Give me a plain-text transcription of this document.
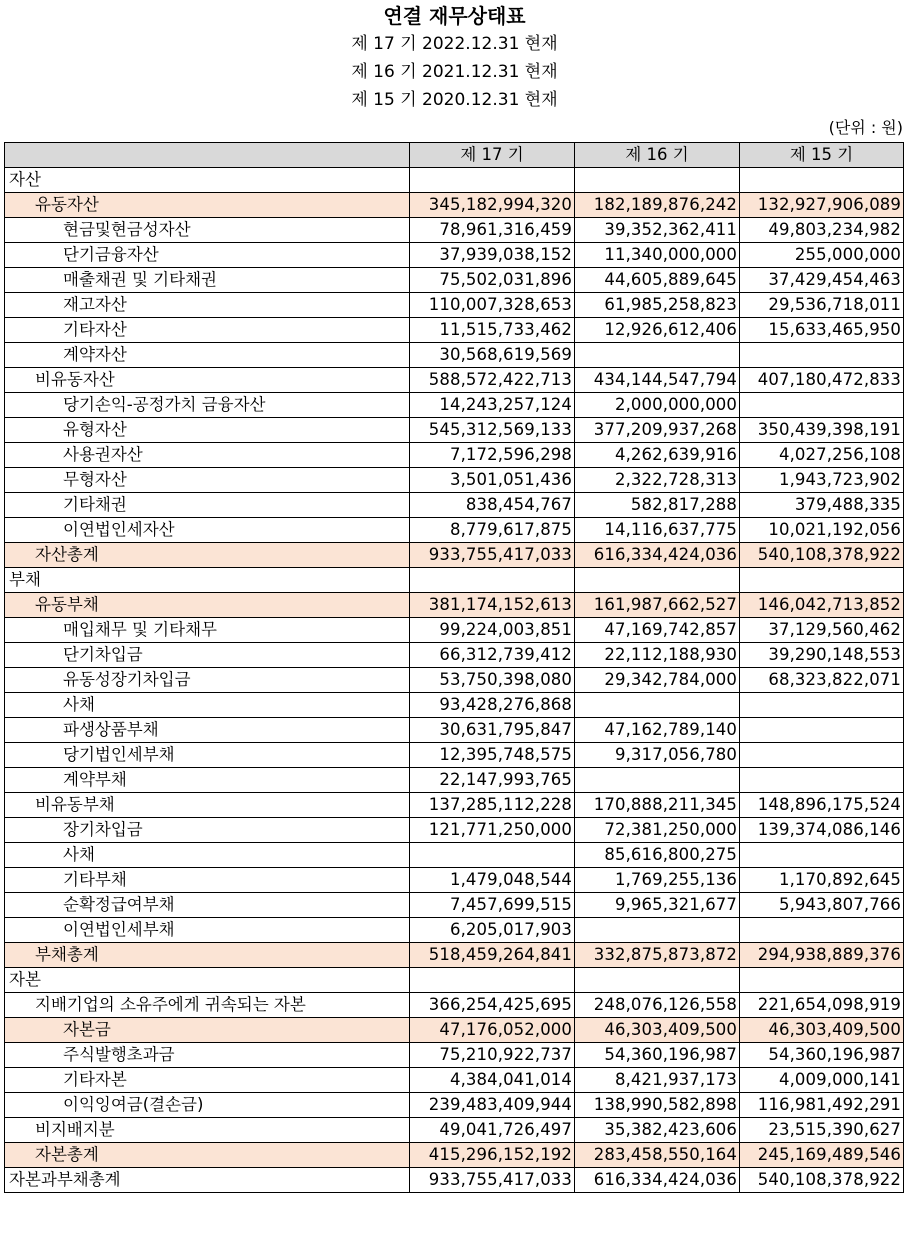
연결 재무상태표
제 17 기 2022.12.31 현재
제 16 기 2021.12.31 현재
제 15 기 2020.12.31 현재
(단위 : 원)
	제 17 기	제 16 기	제 15 기
자산			
유동자산	345,182,994,320	182,189,876,242	132,927,906,089
현금및현금성자산	78,961,316,459	39,352,362,411	49,803,234,982
단기금융자산	37,939,038,152	11,340,000,000	255,000,000
매출채권 및 기타채권	75,502,031,896	44,605,889,645	37,429,454,463
재고자산	110,007,328,653	61,985,258,823	29,536,718,011
기타자산	11,515,733,462	12,926,612,406	15,633,465,950
계약자산	30,568,619,569		
비유동자산	588,572,422,713	434,144,547,794	407,180,472,833
당기손익-공정가치 금융자산	14,243,257,124	2,000,000,000	
유형자산	545,312,569,133	377,209,937,268	350,439,398,191
사용권자산	7,172,596,298	4,262,639,916	4,027,256,108
무형자산	3,501,051,436	2,322,728,313	1,943,723,902
기타채권	838,454,767	582,817,288	379,488,335
이연법인세자산	8,779,617,875	14,116,637,775	10,021,192,056
자산총계	933,755,417,033	616,334,424,036	540,108,378,922
부채			
유동부채	381,174,152,613	161,987,662,527	146,042,713,852
매입채무 및 기타채무	99,224,003,851	47,169,742,857	37,129,560,462
단기차입금	66,312,739,412	22,112,188,930	39,290,148,553
유동성장기차입금	53,750,398,080	29,342,784,000	68,323,822,071
사채	93,428,276,868		
파생상품부채	30,631,795,847	47,162,789,140	
당기법인세부채	12,395,748,575	9,317,056,780	
계약부채	22,147,993,765		
비유동부채	137,285,112,228	170,888,211,345	148,896,175,524
장기차입금	121,771,250,000	72,381,250,000	139,374,086,146
사채		85,616,800,275	
기타부채	1,479,048,544	1,769,255,136	1,170,892,645
순확정급여부채	7,457,699,515	9,965,321,677	5,943,807,766
이연법인세부채	6,205,017,903		
부채총계	518,459,264,841	332,875,873,872	294,938,889,376
자본			
지배기업의 소유주에게 귀속되는 자본	366,254,425,695	248,076,126,558	221,654,098,919
자본금	47,176,052,000	46,303,409,500	46,303,409,500
주식발행초과금	75,210,922,737	54,360,196,987	54,360,196,987
기타자본	4,384,041,014	8,421,937,173	4,009,000,141
이익잉여금(결손금)	239,483,409,944	138,990,582,898	116,981,492,291
비지배지분	49,041,726,497	35,382,423,606	23,515,390,627
자본총계	415,296,152,192	283,458,550,164	245,169,489,546
자본과부채총계	933,755,417,033	616,334,424,036	540,108,378,922
